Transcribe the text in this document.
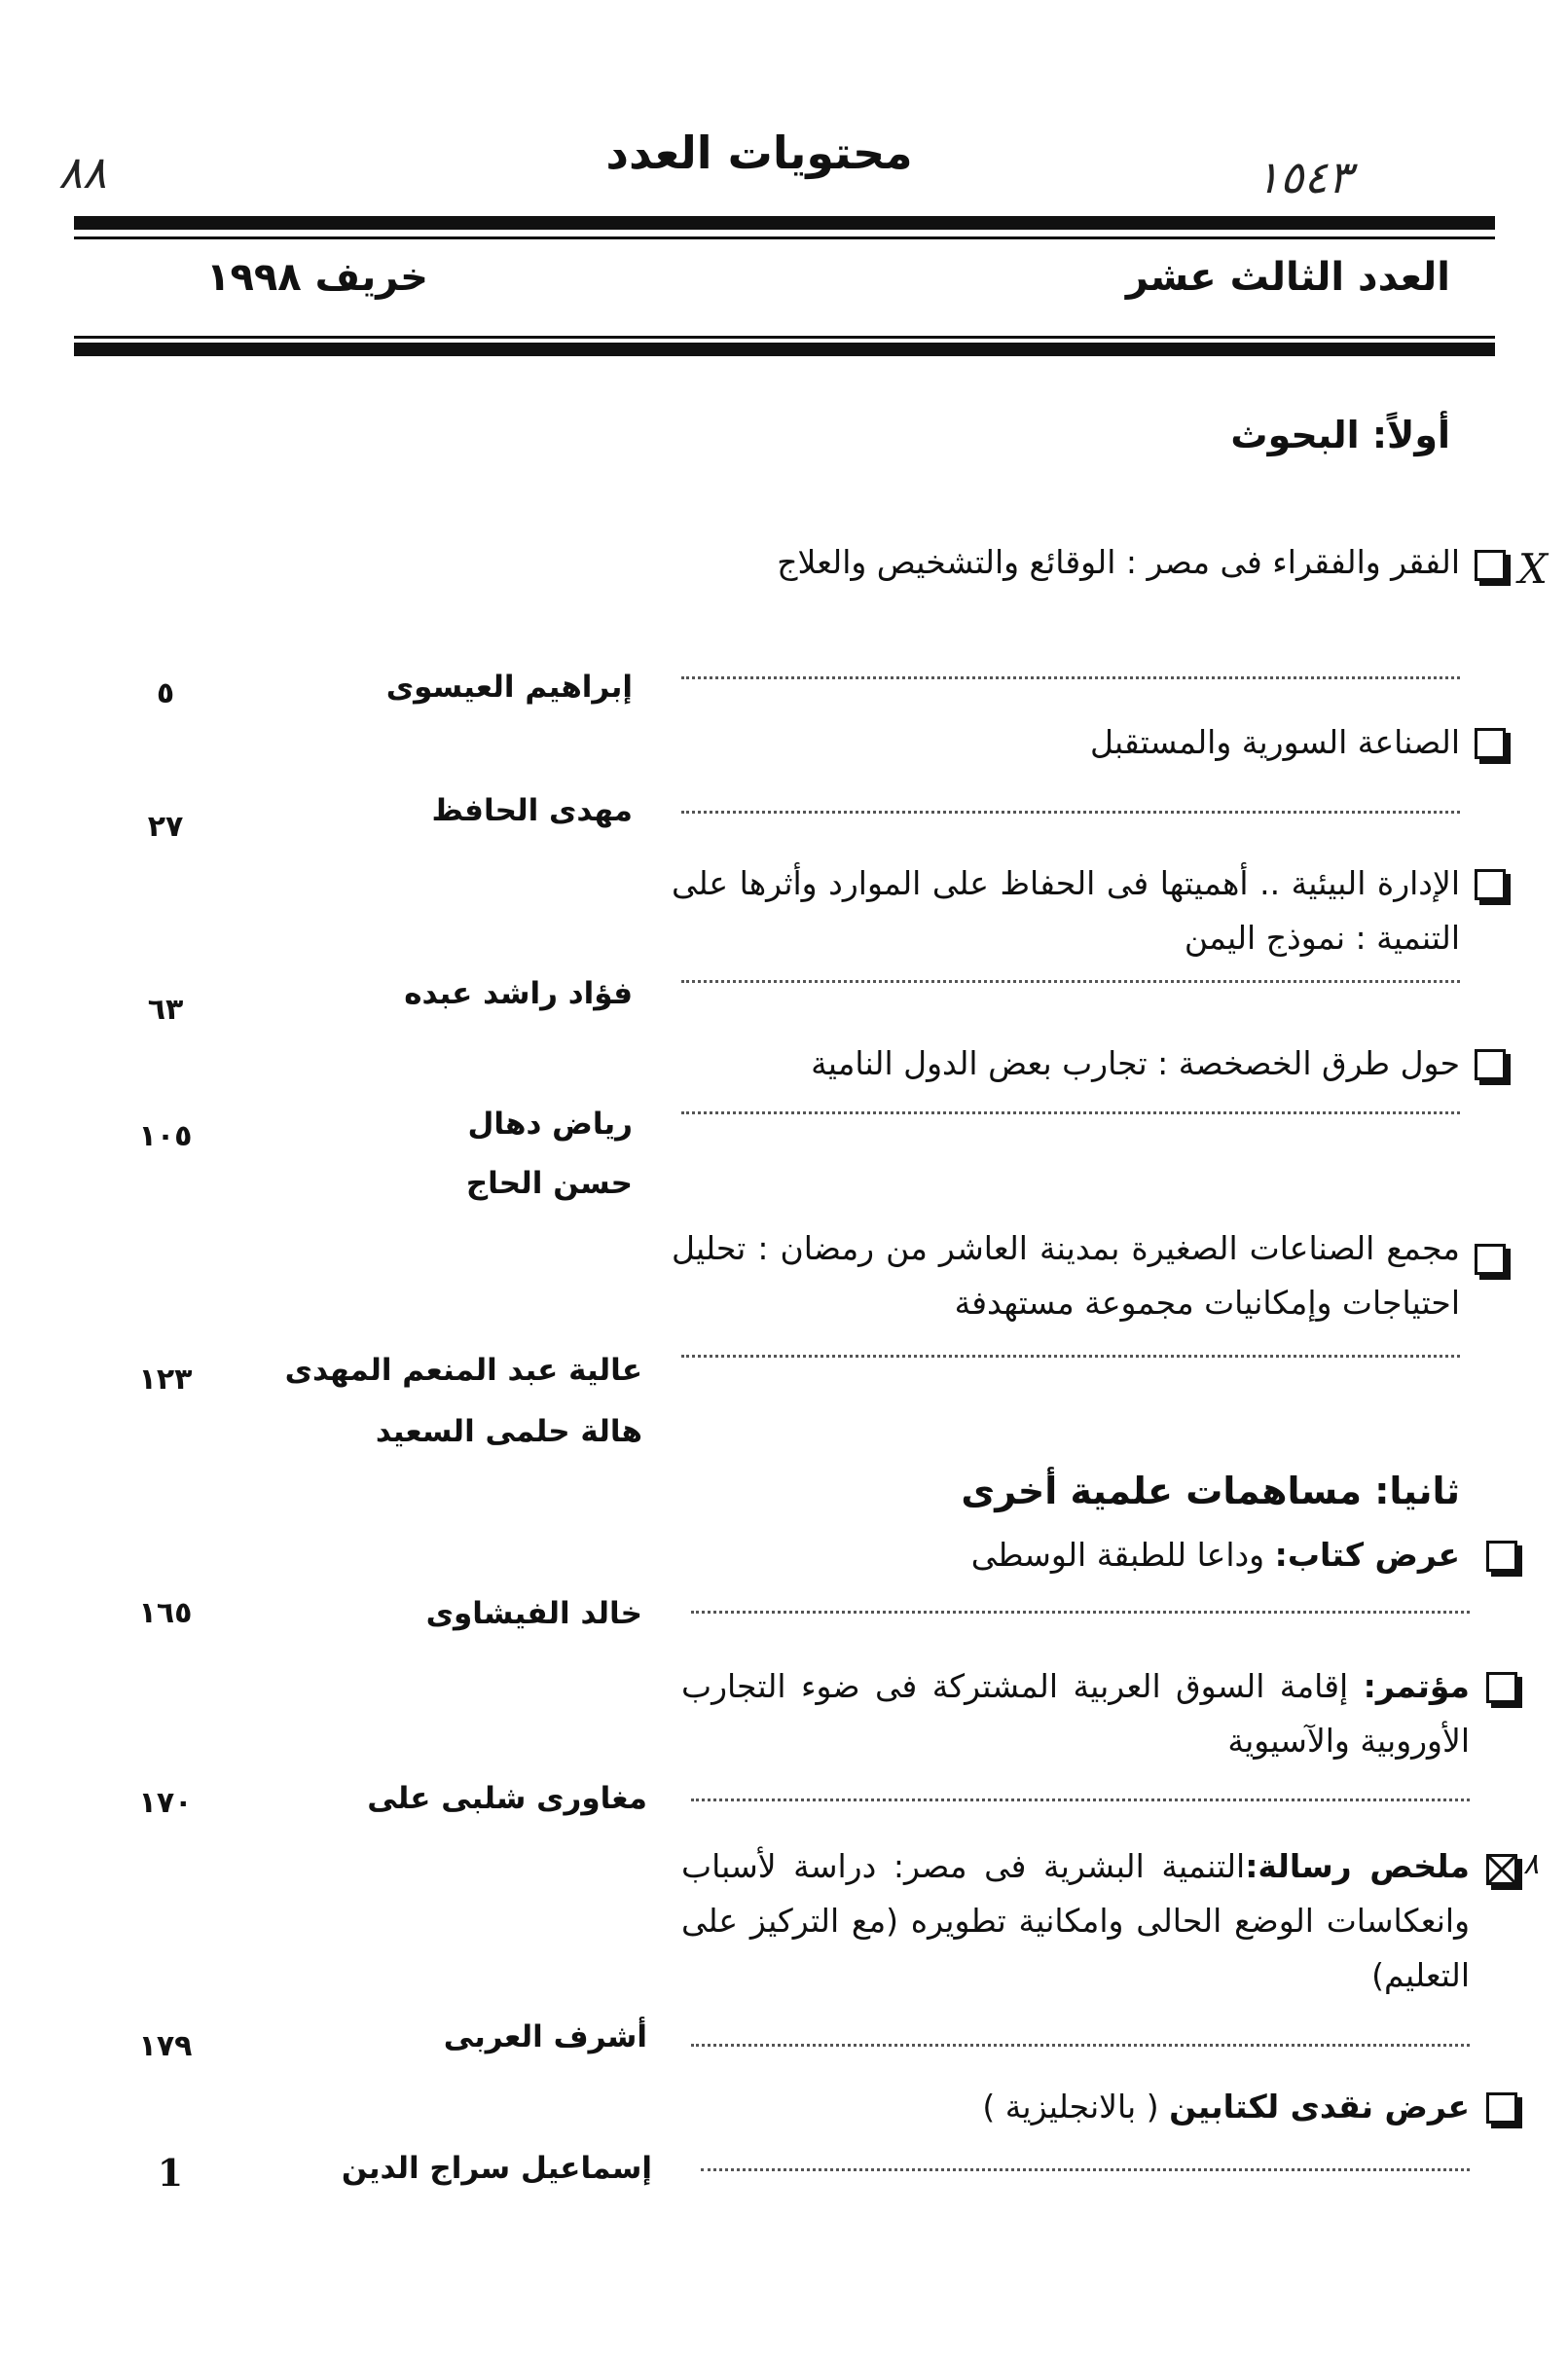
٨٨	محتويات العدد	١٥٤٣
العدد الثالث عشر
خريف ١٩٩٨
أولاً: البحوث
X
الفقر والفقراء فى مصر : الوقائع والتشخيص والعلاج
إبراهيم العيسوى
٥
الصناعة السورية والمستقبل
مهدى الحافظ
٢٧
الإدارة البيئية .. أهميتها فى الحفاظ على الموارد وأثرها على التنمية : نموذج اليمن
فؤاد راشد عبده
٦٣
حول طرق الخصخصة : تجارب بعض الدول النامية
رياض دهال
حسن الحاج
١٠٥
مجمع الصناعات الصغيرة بمدينة العاشر من رمضان : تحليل احتياجات وإمكانيات مجموعة مستهدفة
عالية عبد المنعم المهدى
هالة حلمى السعيد
١٢٣
ثانيا: مساهمات علمية أخرى
عرض كتاب: وداعا للطبقة الوسطى
خالد الفيشاوى
١٦٥
مؤتمر: إقامة السوق العربية المشتركة فى ضوء التجارب الأوروبية والآسيوية
مغاورى شلبى على
١٧٠
٨
ملخص رسالة:التنمية البشرية فى مصر: دراسة لأسباب وانعكاسات الوضع الحالى وامكانية تطويره (مع التركيز على التعليم)
أشرف العربى
١٧٩
عرض نقدى لكتابين ( بالانجليزية )
إسماعيل سراج الدين
1
